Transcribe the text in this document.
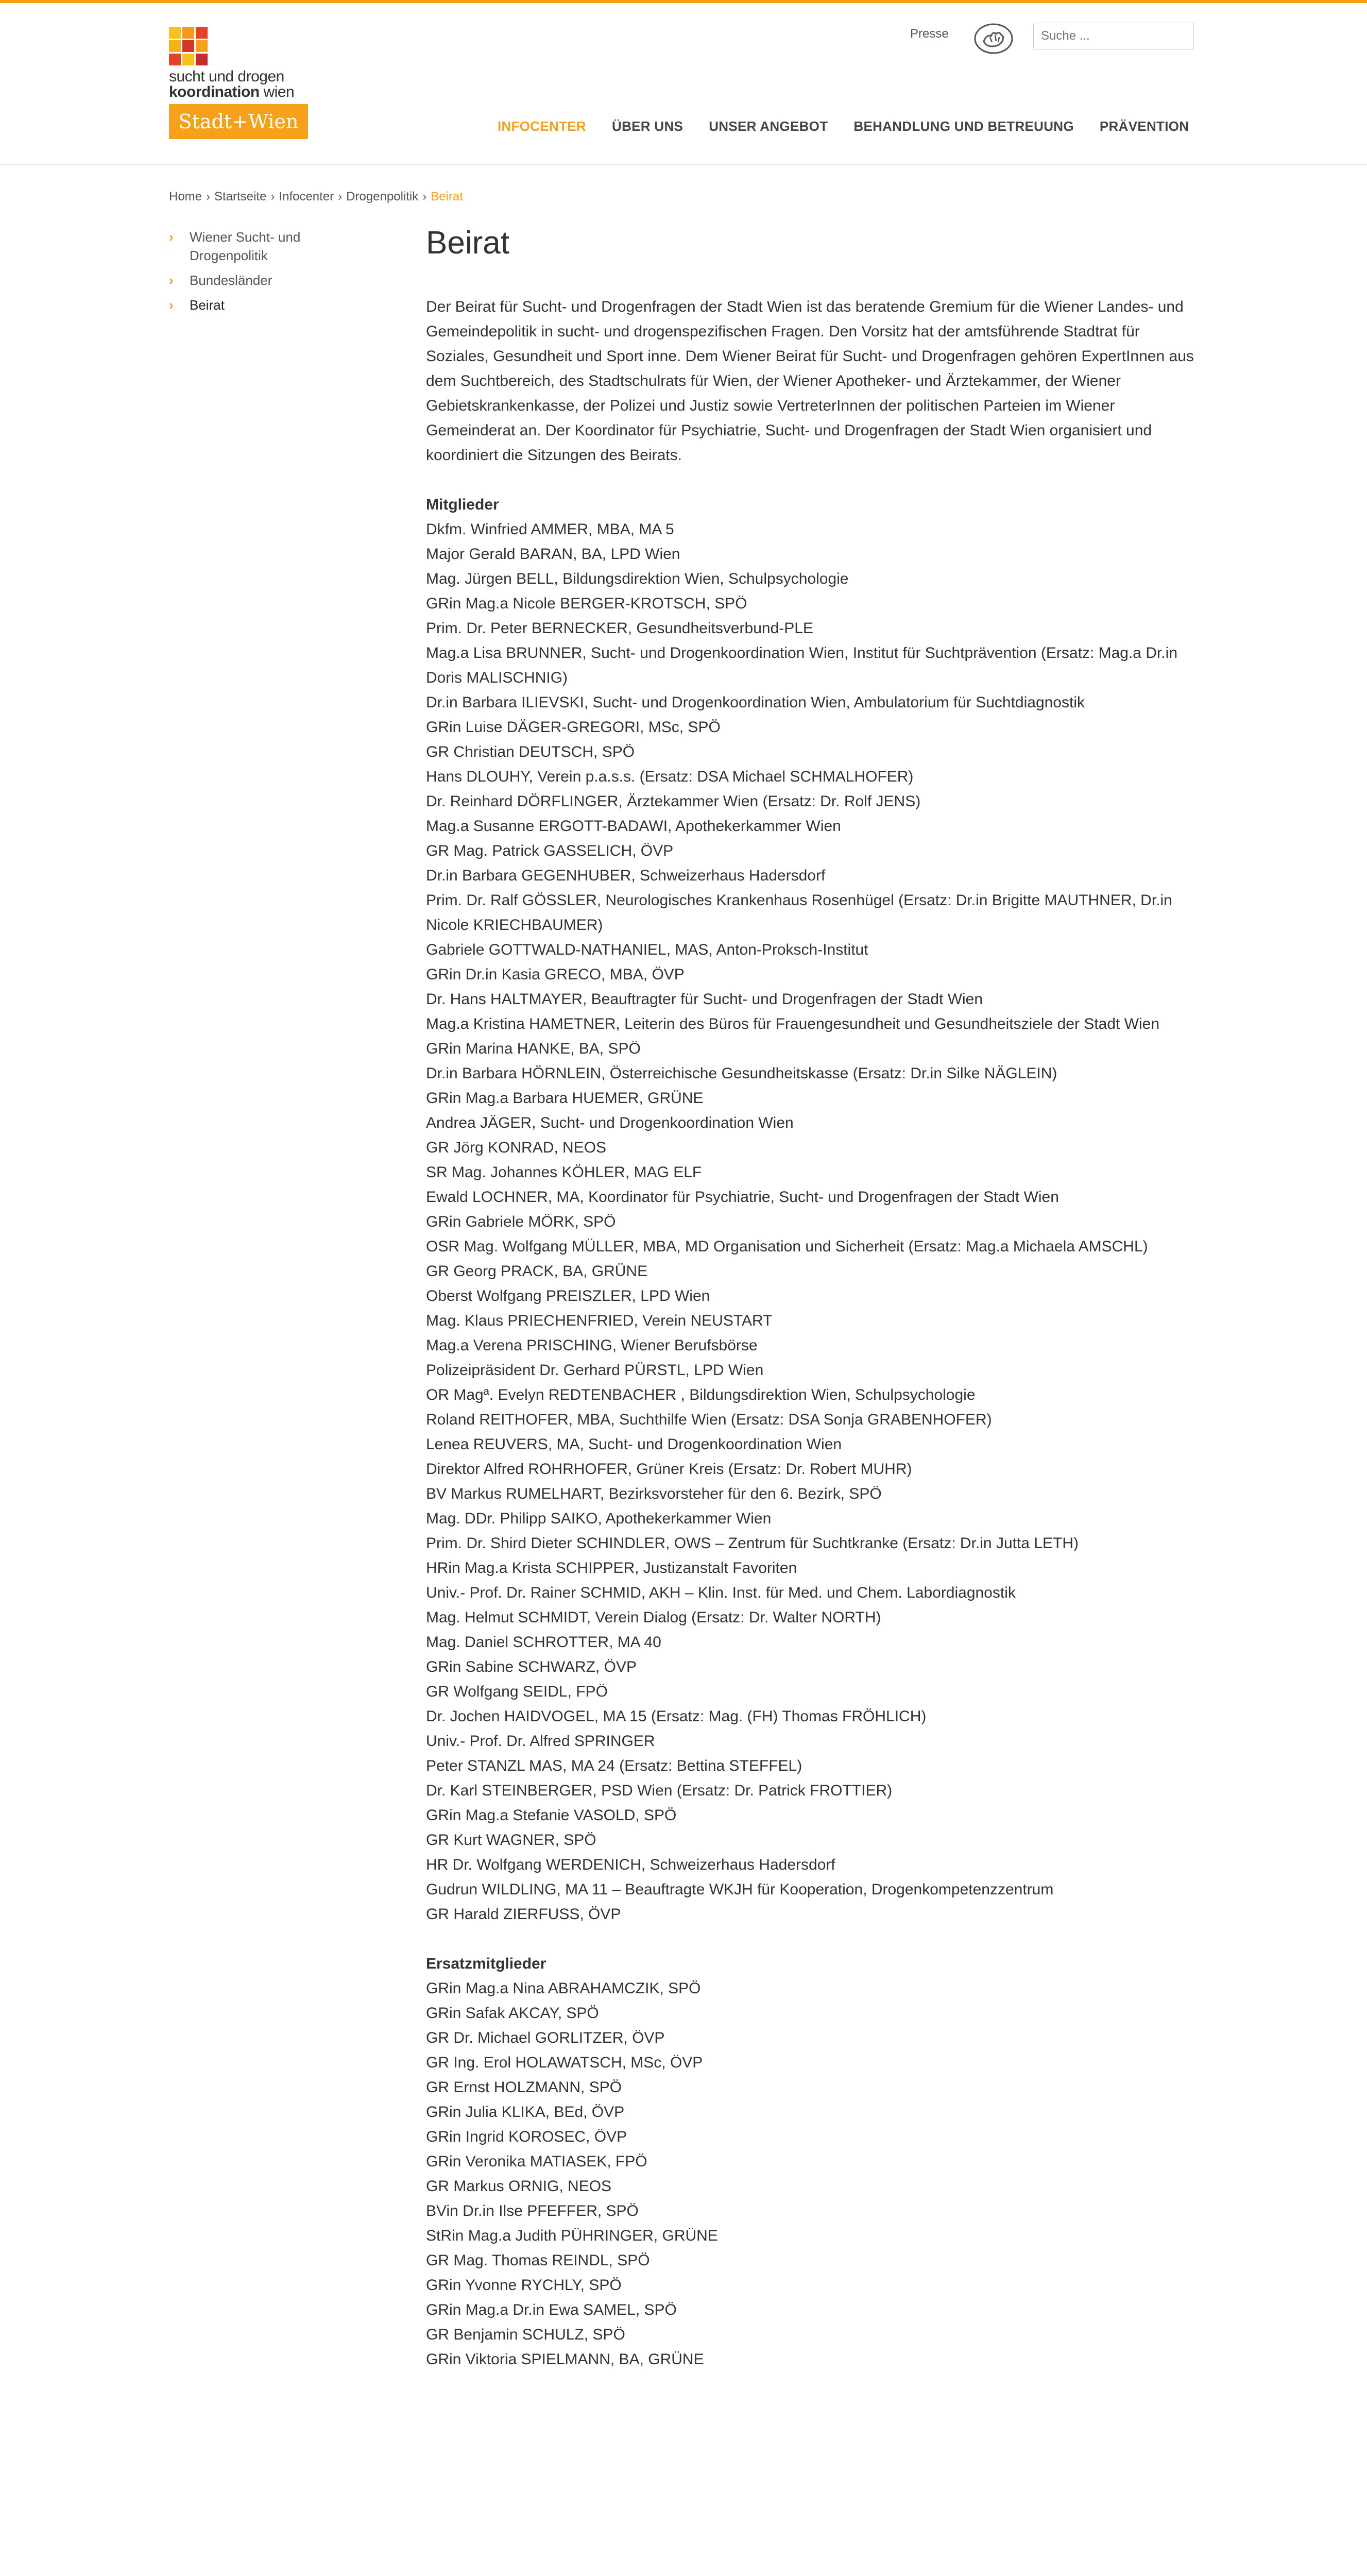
sucht und drogen
koordination wien
Stadt+Wien
Presse
Suche ...
INFOCENTER ÜBER UNS UNSER ANGEBOT BEHANDLUNG UND BETREUUNG PRÄVENTION
Home › Startseite › Infocenter › Drogenpolitik › Beirat
›	Wiener Sucht- und Drogenpolitik
›	Bundesländer
›	Beirat
Beirat

Der Beirat für Sucht- und Drogenfragen der Stadt Wien ist das beratende Gremium für die Wiener Landes- und Gemeindepolitik in sucht- und drogenspezifischen Fragen. Den Vorsitz hat der amtsführende Stadtrat für Soziales, Gesundheit und Sport inne. Dem Wiener Beirat für Sucht- und Drogenfragen gehören ExpertInnen aus dem Suchtbereich, des Stadtschulrats für Wien, der Wiener Apotheker- und Ärztekammer, der Wiener Gebietskrankenkasse, der Polizei und Justiz sowie VertreterInnen der politischen Parteien im Wiener Gemeinderat an. Der Koordinator für Psychiatrie, Sucht- und Drogenfragen der Stadt Wien organisiert und koordiniert die Sitzungen des Beirats.

Mitglieder
Dkfm. Winfried AMMER, MBA, MA 5
Major Gerald BARAN, BA, LPD Wien
Mag. Jürgen BELL, Bildungsdirektion Wien, Schulpsychologie
GRin Mag.a Nicole BERGER-KROTSCH, SPÖ
Prim. Dr. Peter BERNECKER, Gesundheitsverbund-PLE
Mag.a Lisa BRUNNER, Sucht- und Drogenkoordination Wien, Institut für Suchtprävention (Ersatz: Mag.a Dr.in Doris MALISCHNIG)
Dr.in Barbara ILIEVSKI, Sucht- und Drogenkoordination Wien, Ambulatorium für Suchtdiagnostik
GRin Luise DÄGER-GREGORI, MSc, SPÖ
GR Christian DEUTSCH, SPÖ
Hans DLOUHY, Verein p.a.s.s. (Ersatz: DSA Michael SCHMALHOFER)
Dr. Reinhard DÖRFLINGER, Ärztekammer Wien (Ersatz: Dr. Rolf JENS)
Mag.a Susanne ERGOTT-BADAWI, Apothekerkammer Wien
GR Mag. Patrick GASSELICH, ÖVP
Dr.in Barbara GEGENHUBER, Schweizerhaus Hadersdorf
Prim. Dr. Ralf GÖSSLER, Neurologisches Krankenhaus Rosenhügel (Ersatz: Dr.in Brigitte MAUTHNER, Dr.in Nicole KRIECHBAUMER)
Gabriele GOTTWALD-NATHANIEL, MAS, Anton-Proksch-Institut
GRin Dr.in Kasia GRECO, MBA, ÖVP
Dr. Hans HALTMAYER, Beauftragter für Sucht- und Drogenfragen der Stadt Wien
Mag.a Kristina HAMETNER, Leiterin des Büros für Frauengesundheit und Gesundheitsziele der Stadt Wien
GRin Marina HANKE, BA, SPÖ
Dr.in Barbara HÖRNLEIN, Österreichische Gesundheitskasse (Ersatz: Dr.in Silke NÄGLEIN)
GRin Mag.a Barbara HUEMER, GRÜNE
Andrea JÄGER, Sucht- und Drogenkoordination Wien
GR Jörg KONRAD, NEOS
SR Mag. Johannes KÖHLER, MAG ELF
Ewald LOCHNER, MA, Koordinator für Psychiatrie, Sucht- und Drogenfragen der Stadt Wien
GRin Gabriele MÖRK, SPÖ
OSR Mag. Wolfgang MÜLLER, MBA, MD Organisation und Sicherheit (Ersatz: Mag.a Michaela AMSCHL)
GR Georg PRACK, BA, GRÜNE
Oberst Wolfgang PREISZLER, LPD Wien
Mag. Klaus PRIECHENFRIED, Verein NEUSTART
Mag.a Verena PRISCHING, Wiener Berufsbörse
Polizeipräsident Dr. Gerhard PÜRSTL, LPD Wien
OR Magª. Evelyn REDTENBACHER , Bildungsdirektion Wien, Schulpsychologie
Roland REITHOFER, MBA, Suchthilfe Wien (Ersatz: DSA Sonja GRABENHOFER)
Lenea REUVERS, MA, Sucht- und Drogenkoordination Wien
Direktor Alfred ROHRHOFER, Grüner Kreis (Ersatz: Dr. Robert MUHR)
BV Markus RUMELHART, Bezirksvorsteher für den 6. Bezirk, SPÖ
Mag. DDr. Philipp SAIKO, Apothekerkammer Wien
Prim. Dr. Shird Dieter SCHINDLER, OWS – Zentrum für Suchtkranke (Ersatz: Dr.in Jutta LETH)
HRin Mag.a Krista SCHIPPER, Justizanstalt Favoriten
Univ.- Prof. Dr. Rainer SCHMID, AKH – Klin. Inst. für Med. und Chem. Labordiagnostik
Mag. Helmut SCHMIDT, Verein Dialog (Ersatz: Dr. Walter NORTH)
Mag. Daniel SCHROTTER, MA 40
GRin Sabine SCHWARZ, ÖVP
GR Wolfgang SEIDL, FPÖ
Dr. Jochen HAIDVOGEL, MA 15 (Ersatz: Mag. (FH) Thomas FRÖHLICH)
Univ.- Prof. Dr. Alfred SPRINGER
Peter STANZL MAS, MA 24 (Ersatz: Bettina STEFFEL)
Dr. Karl STEINBERGER, PSD Wien (Ersatz: Dr. Patrick FROTTIER)
GRin Mag.a Stefanie VASOLD, SPÖ
GR Kurt WAGNER, SPÖ
HR Dr. Wolfgang WERDENICH, Schweizerhaus Hadersdorf
Gudrun WILDLING, MA 11 – Beauftragte WKJH für Kooperation, Drogenkompetenzzentrum
GR Harald ZIERFUSS, ÖVP
Ersatzmitglieder
GRin Mag.a Nina ABRAHAMCZIK, SPÖ
GRin Safak AKCAY, SPÖ
GR Dr. Michael GORLITZER, ÖVP
GR Ing. Erol HOLAWATSCH, MSc, ÖVP
GR Ernst HOLZMANN, SPÖ
GRin Julia KLIKA, BEd, ÖVP
GRin Ingrid KOROSEC, ÖVP
GRin Veronika MATIASEK, FPÖ
GR Markus ORNIG, NEOS
BVin Dr.in Ilse PFEFFER, SPÖ
StRin Mag.a Judith PÜHRINGER, GRÜNE
GR Mag. Thomas REINDL, SPÖ
GRin Yvonne RYCHLY, SPÖ
GRin Mag.a Dr.in Ewa SAMEL, SPÖ
GR Benjamin SCHULZ, SPÖ
GRin Viktoria SPIELMANN, BA, GRÜNE
